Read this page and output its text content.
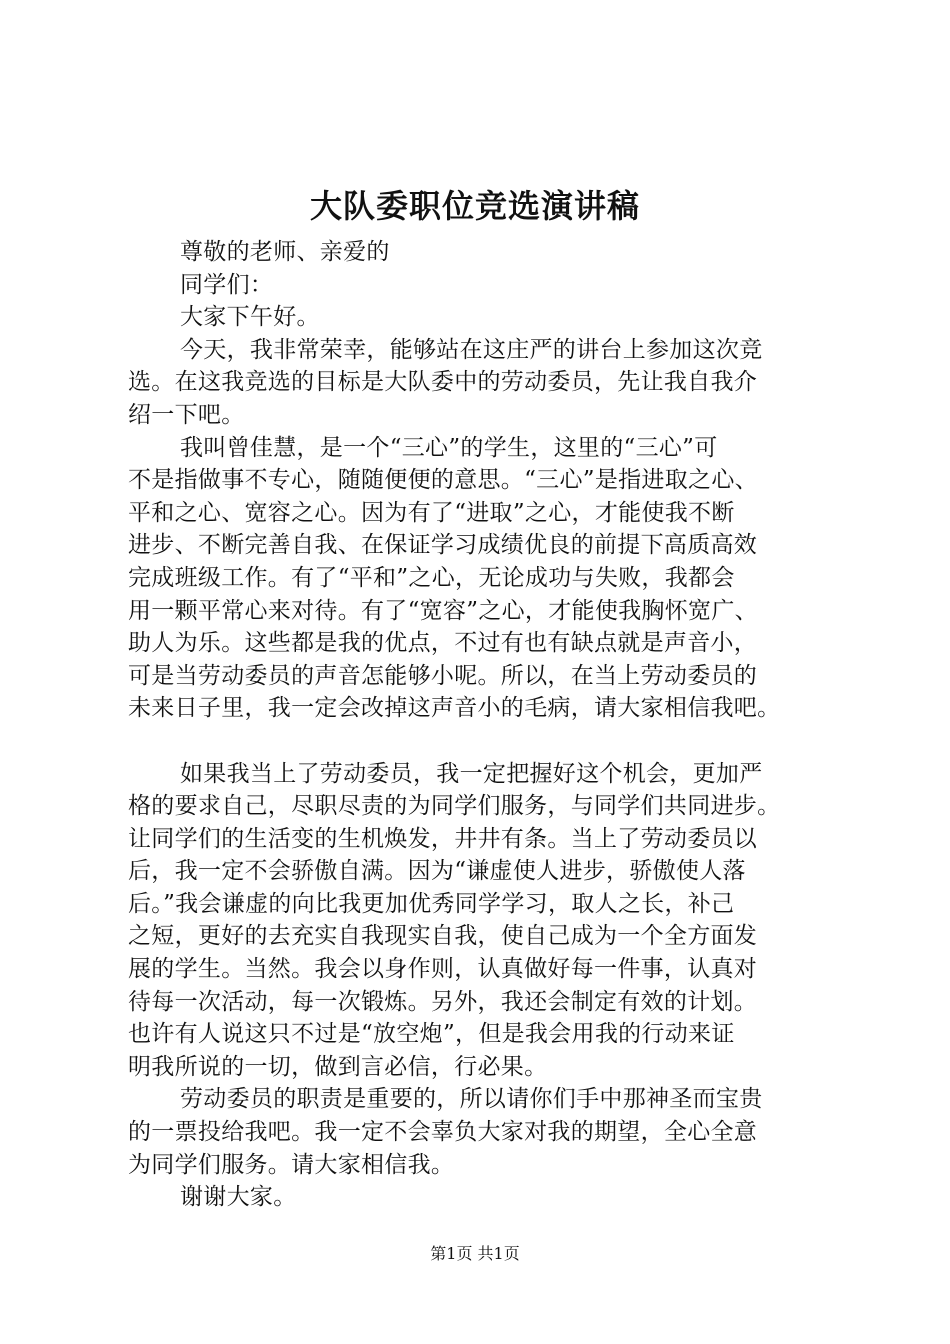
大队委职位竞选演讲稿

尊敬的老师、亲爱的

同学们：

大家下午好。

今天，我非常荣幸，能够站在这庄严的讲台上参加这次竞

选。在这我竞选的目标是大队委中的劳动委员，先让我自我介

绍一下吧。

我叫曾佳慧，是一个“三心”的学生，这里的“三心”可

不是指做事不专心，随随便便的意思。“三心”是指进取之心、

平和之心、宽容之心。因为有了“进取”之心，才能使我不断

进步、不断完善自我、在保证学习成绩优良的前提下高质高效

完成班级工作。有了“平和”之心，无论成功与失败，我都会

用一颗平常心来对待。有了“宽容”之心，才能使我胸怀宽广、

助人为乐。这些都是我的优点，不过有也有缺点就是声音小，

可是当劳动委员的声音怎能够小呢。所以，在当上劳动委员的

未来日子里，我一定会改掉这声音小的毛病，请大家相信我吧。

如果我当上了劳动委员，我一定把握好这个机会，更加严

格的要求自己，尽职尽责的为同学们服务，与同学们共同进步。

让同学们的生活变的生机焕发，井井有条。当上了劳动委员以

后，我一定不会骄傲自满。因为“谦虚使人进步，骄傲使人落

后。”我会谦虚的向比我更加优秀同学学习，取人之长，补己

之短，更好的去充实自我现实自我，使自己成为一个全方面发

展的学生。当然。我会以身作则，认真做好每一件事，认真对

待每一次活动，每一次锻炼。另外，我还会制定有效的计划。

也许有人说这只不过是“放空炮”，但是我会用我的行动来证

明我所说的一切，做到言必信，行必果。

劳动委员的职责是重要的，所以请你们手中那神圣而宝贵

的一票投给我吧。我一定不会辜负大家对我的期望，全心全意

为同学们服务。请大家相信我。

谢谢大家。

第1页 共1页
